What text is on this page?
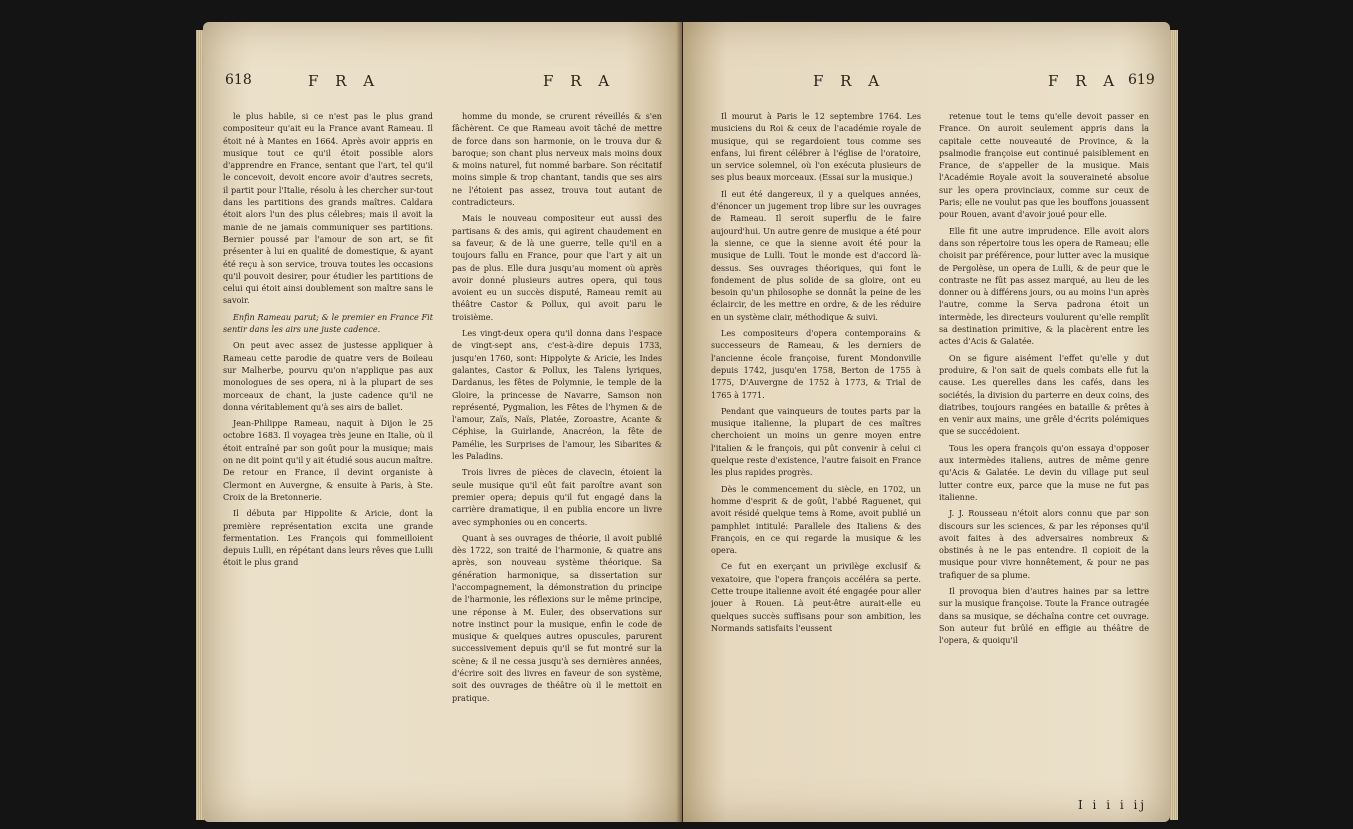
618	F R A	F R A

le plus habile, si ce n'est pas le plus grand compositeur qu'ait eu la France avant Rameau. Il étoit né à Mantes en 1664. Après avoir appris en musique tout ce qu'il étoit possible alors d'apprendre en France, sentant que l'art, tel qu'il le concevoit, devoit encore avoir d'autres secrets, il partit pour l'Italie, résolu à les chercher sur-tout dans les partitions des grands maîtres. Caldara étoit alors l'un des plus célebres; mais il avoit la manie de ne jamais communiquer ses partitions. Bernier poussé par l'amour de son art, se fit présenter à lui en qualité de domestique, & ayant été reçu à son service, trouva toutes les occasions qu'il pouvoit desirer, pour étudier les partitions de celui qui étoit ainsi doublement son maître sans le savoir.

Enfin Rameau parut; & le premier en France Fit sentir dans les airs une juste cadence.

On peut avec assez de justesse appliquer à Rameau cette parodie de quatre vers de Boileau sur Malherbe, pourvu qu'on n'applique pas aux monologues de ses opera, ni à la plupart de ses morceaux de chant, la juste cadence qu'il ne donna véritablement qu'à ses airs de ballet.

Jean-Philippe Rameau, naquit à Dijon le 25 octobre 1683. Il voyagea très jeune en Italie, où il étoit entraîné par son goût pour la musique; mais on ne dit point qu'il y ait étudié sous aucun maître. De retour en France, il devint organiste à Clermont en Auvergne, & ensuite à Paris, à Ste. Croix de la Bretonnerie.

Il débuta par Hippolite & Aricie, dont la première représentation excita une grande fermentation. Les François qui fommeilloient depuis Lulli, en répétant dans leurs rêves que Lulli étoit le plus grand

homme du monde, se crurent réveillés & s'en fâchèrent. Ce que Rameau avoit tâché de mettre de force dans son harmonie, on le trouva dur & baroque; son chant plus nerveux mais moins doux & moins naturel, fut nommé barbare. Son récitatif moins simple & trop chantant, tandis que ses airs ne l'étoient pas assez, trouva tout autant de contradicteurs.

Mais le nouveau compositeur eut aussi des partisans & des amis, qui agirent chaudement en sa faveur, & de là une guerre, telle qu'il en a toujours fallu en France, pour que l'art y ait un pas de plus. Elle dura jusqu'au moment où après avoir donné plusieurs autres opera, qui tous avoient eu un succès disputé, Rameau remit au théâtre Castor & Pollux, qui avoit paru le troisième.

Les vingt-deux opera qu'il donna dans l'espace de vingt-sept ans, c'est-à-dire depuis 1733, jusqu'en 1760, sont: Hippolyte & Aricie, les Indes galantes, Castor & Pollux, les Talens lyriques, Dardanus, les fêtes de Polymnie, le temple de la Gloire, la princesse de Navarre, Samson non représenté, Pygmalion, les Fêtes de l'hymen & de l'amour, Zaïs, Naïs, Platée, Zoroastre, Acante & Céphise, la Guirlande, Anacréon, la fête de Pamélie, les Surprises de l'amour, les Sibarites & les Paladins.

Trois livres de pièces de clavecin, étoient la seule musique qu'il eût fait paroître avant son premier opera; depuis qu'il fut engagé dans la carrière dramatique, il en publia encore un livre avec symphonies ou en concerts.

Quant à ses ouvrages de théorie, il avoit publié dès 1722, son traité de l'harmonie, & quatre ans après, son nouveau système théorique. Sa génération harmonique, sa dissertation sur l'accompagnement, la démonstration du principe de l'harmonie, les réflexions sur le même principe, une réponse à M. Euler, des observations sur notre instinct pour la musique, enfin le code de musique & quelques autres opuscules, parurent successivement depuis qu'il se fut montré sur la scène; & il ne cessa jusqu'à ses dernières années, d'écrire soit des livres en faveur de son système, soit des ouvrages de théâtre où il le mettoit en pratique.

F R A	F R A 619

Il mourut à Paris le 12 septembre 1764. Les musiciens du Roi & ceux de l'académie royale de musique, qui se regardoient tous comme ses enfans, lui firent célébrer à l'église de l'oratoire, un service solemnel, où l'on exécuta plusieurs de ses plus beaux morceaux. (Essai sur la musique.)

Il eut été dangereux, il y a quelques années, d'énoncer un jugement trop libre sur les ouvrages de Rameau. Il seroit superflu de le faire aujourd'hui. Un autre genre de musique a été pour la sienne, ce que la sienne avoit été pour la musique de Lulli. Tout le monde est d'accord là-dessus. Ses ouvrages théoriques, qui font le fondement de plus solide de sa gloire, ont eu besoin qu'un philosophe se donnât la peine de les éclaircir, de les mettre en ordre, & de les réduire en un système clair, méthodique & suivi.

Les compositeurs d'opera contemporains & successeurs de Rameau, & les derniers de l'ancienne école françoise, furent Mondonville depuis 1742, jusqu'en 1758, Berton de 1755 à 1775, D'Auvergne de 1752 à 1773, & Trial de 1765 à 1771.

Pendant que vainqueurs de toutes parts par la musique italienne, la plupart de ces maîtres cherchoient un moins un genre moyen entre l'italien & le françois, qui pût convenir à celui ci quelque reste d'existence, l'autre faisoit en France les plus rapides progrès.

Dès le commencement du siècle, en 1702, un homme d'esprit & de goût, l'abbé Raguenet, qui avoit résidé quelque tems à Rome, avoit publié un pamphlet intitulé: Parallele des Italiens & des François, en ce qui regarde la musique & les opera.

Ce fut en exerçant un privilège exclusif & vexatoire, que l'opera françois accéléra sa perte. Cette troupe italienne avoit été engagée pour aller jouer à Rouen. Là peut-être aurait-elle eu quelques succès suffisans pour son ambition, les Normands satisfaits l'eussent

retenue tout le tems qu'elle devoit passer en France. On auroit seulement appris dans la capitale cette nouveauté de Province, & la psalmodie françoise eut continué paisiblement en France, de s'appeller de la musique. Mais l'Académie Royale avoit la souveraineté absolue sur les opera provinciaux, comme sur ceux de Paris; elle ne voulut pas que les bouffons jouassent pour Rouen, avant d'avoir joué pour elle.

Elle fit une autre imprudence. Elle avoit alors dans son répertoire tous les opera de Rameau; elle choisit par préférence, pour lutter avec la musique de Pergolèse, un opera de Lulli, & de peur que le contraste ne fût pas assez marqué, au lieu de les donner ou à différens jours, ou au moins l'un après l'autre, comme la Serva padrona étoit un intermède, les directeurs voulurent qu'elle remplît sa destination primitive, & la placèrent entre les actes d'Acis & Galatée.

On se figure aisément l'effet qu'elle y dut produire, & l'on sait de quels combats elle fut la cause. Les querelles dans les cafés, dans les sociétés, la division du parterre en deux coins, des diatribes, toujours rangées en bataille & prêtes à en venir aux mains, une grêle d'écrits polémiques que se succédoient.

Tous les opera françois qu'on essaya d'opposer aux intermèdes italiens, autres de même genre qu'Acis & Galatée. Le devin du village put seul lutter contre eux, parce que la muse ne fut pas italienne.

J. J. Rousseau n'étoit alors connu que par son discours sur les sciences, & par les réponses qu'il avoit faites à des adversaires nombreux & obstinés à ne le pas entendre. Il copioit de la musique pour vivre honnêtement, & pour ne pas trafiquer de sa plume.

Il provoqua bien d'autres haines par sa lettre sur la musique françoise. Toute la France outragée dans sa musique, se déchaîna contre cet ouvrage. Son auteur fut brûlé en effigie au théâtre de l'opera, & quoiqu'il

I i i i ij
